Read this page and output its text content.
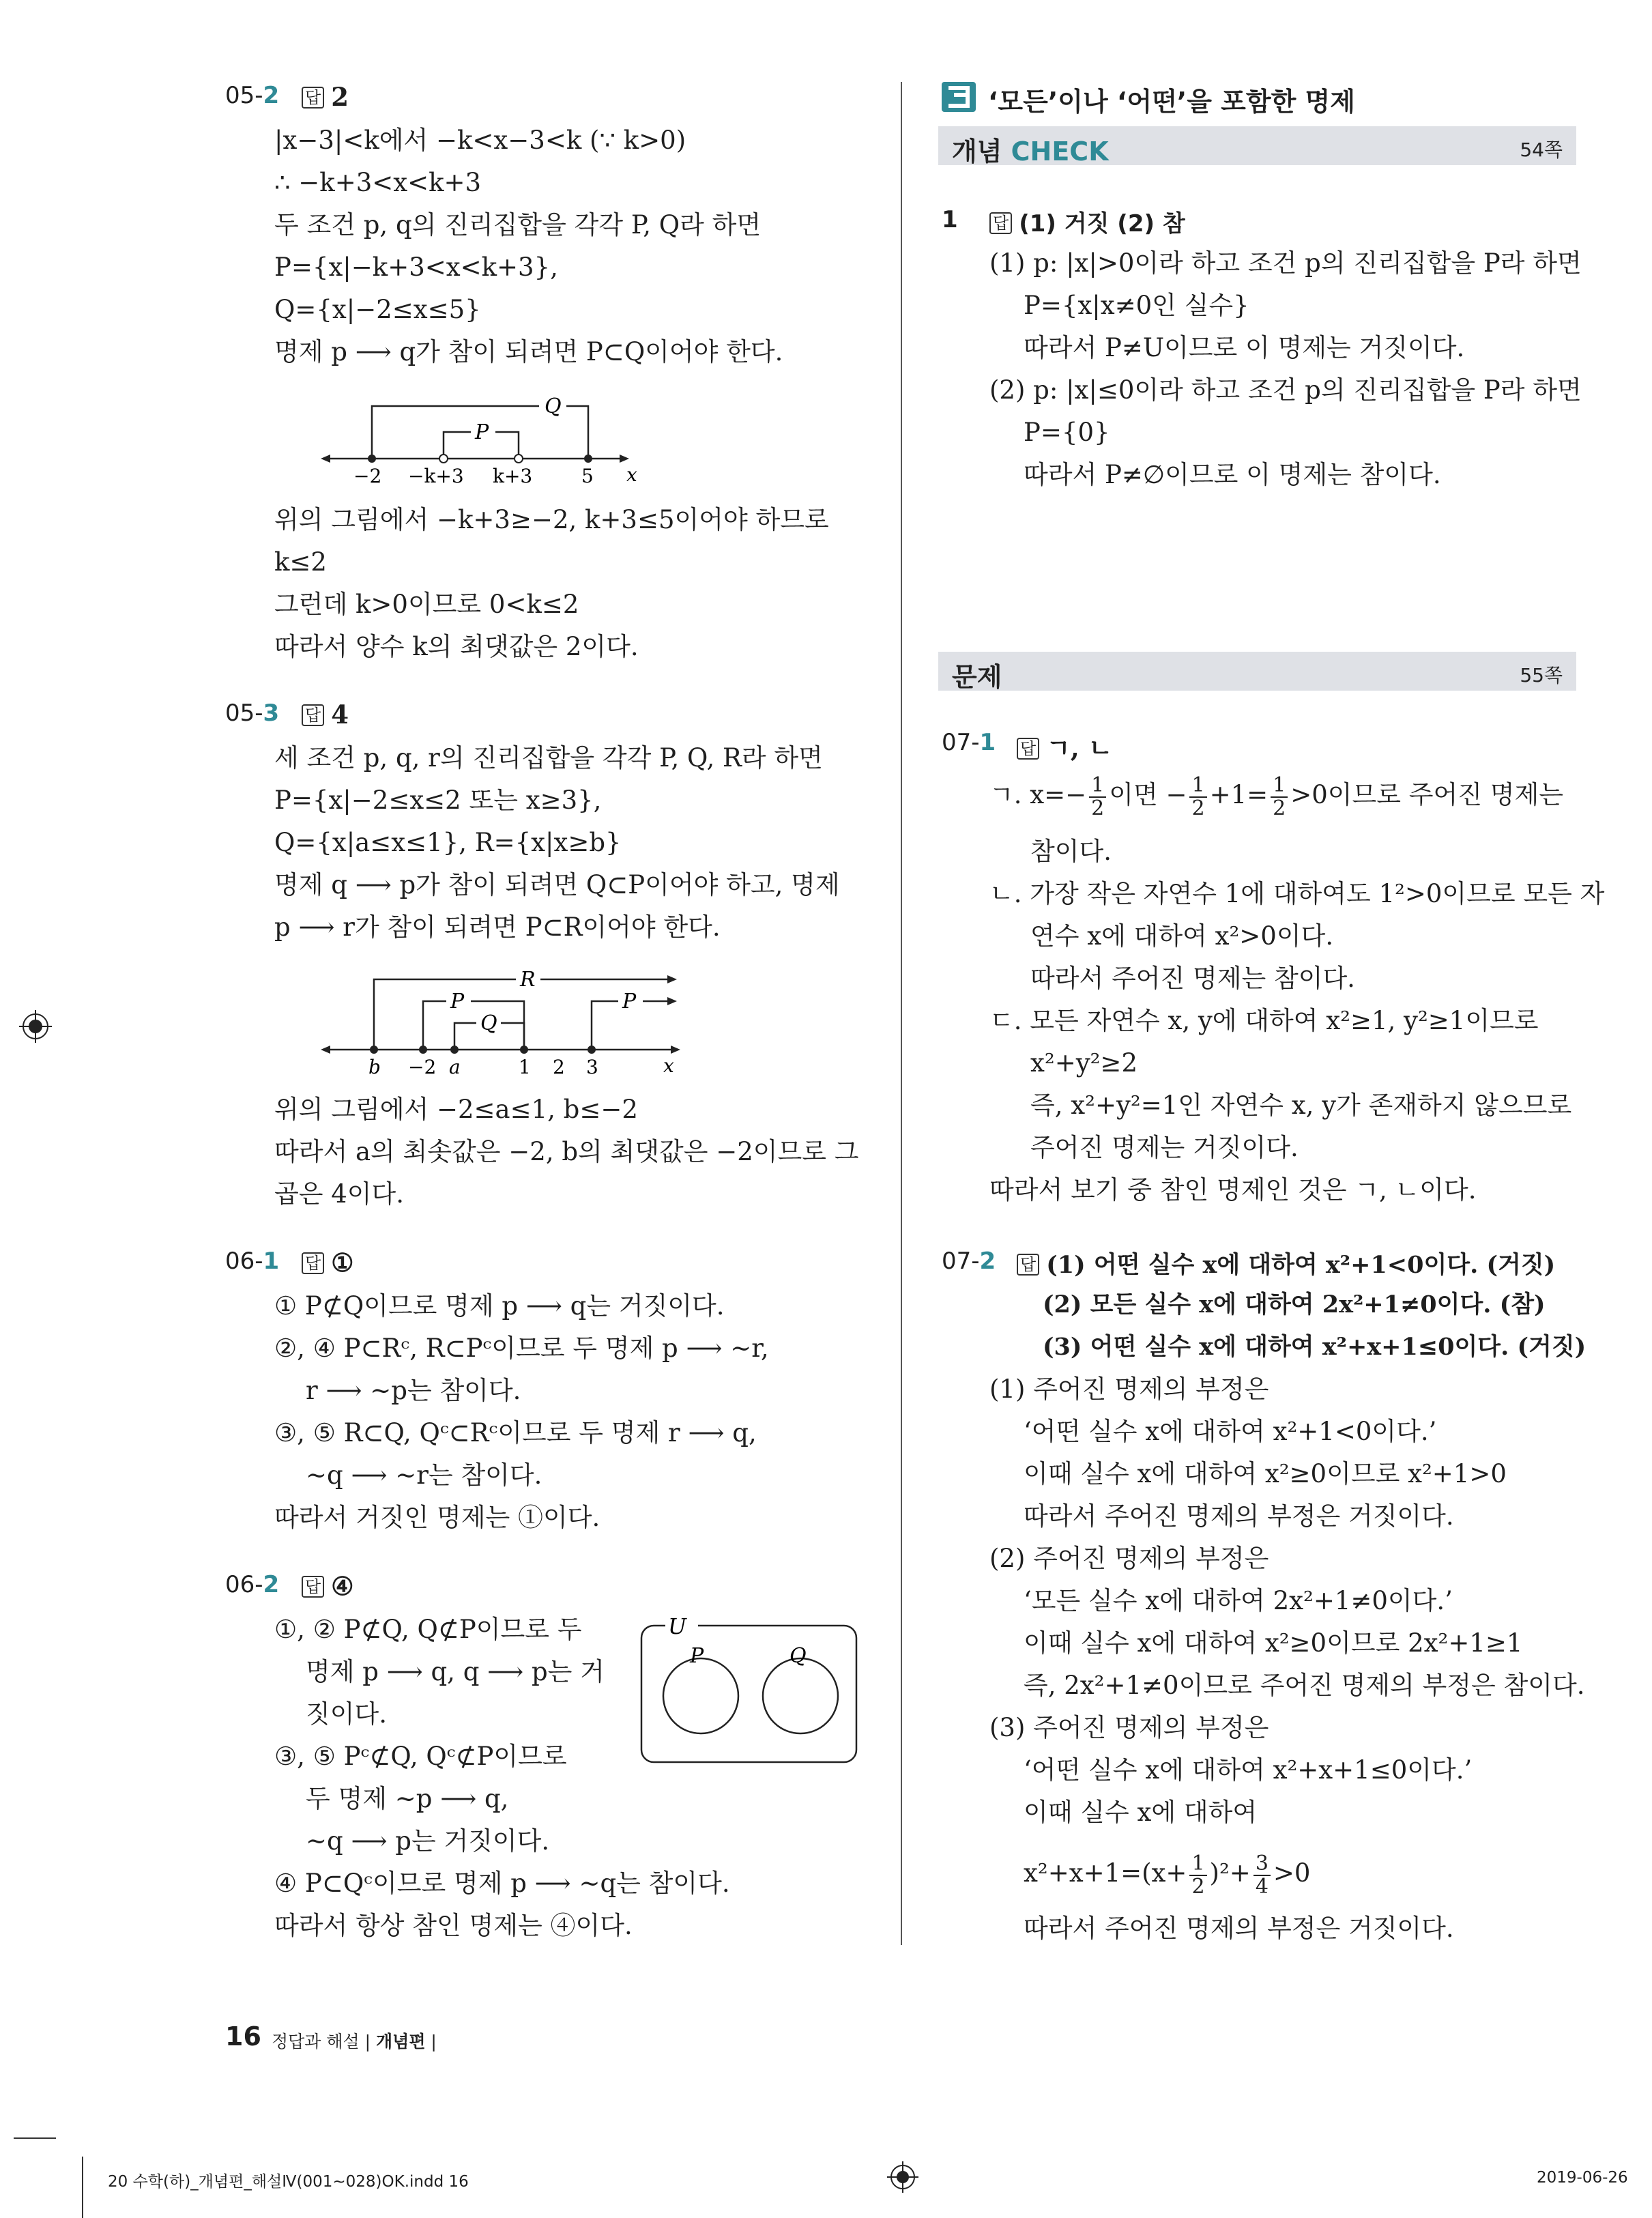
05-2 답 2
|x−3|<k에서 −k<x−3<k (∵ k>0)
∴ −k+3<x<k+3
두 조건 p, q의 진리집합을 각각 P, Q라 하면
P={x|−k+3<x<k+3},
Q={x|−2≤x≤5}
명제 p ⟶ q가 참이 되려면 P⊂Q이어야 한다.
Q
P
−2 −k+3 k+3	5 x
위의 그림에서 −k+3≥−2, k+3≤5이어야 하므로
k≤2
그런데 k>0이므로 0<k≤2
따라서 양수 k의 최댓값은 2이다.
05-3 답 4
세 조건 p, q, r의 진리집합을 각각 P, Q, R라 하면
P={x|−2≤x≤2 또는 x≥3},
Q={x|a≤x≤1}, R={x|x≥b}
명제 q ⟶ p가 참이 되려면 Q⊂P이어야 하고, 명제
p ⟶ r가 참이 되려면 P⊂R이어야 한다.
R
P	P
Q
b −2 a	1 2 3	x
위의 그림에서 −2≤a≤1, b≤−2
따라서 a의 최솟값은 −2, b의 최댓값은 −2이므로 그
곱은 4이다.
06-1 답 ①
① P⊄Q이므로 명제 p ⟶ q는 거짓이다.
②, ④ P⊂Rᶜ, R⊂Pᶜ이므로 두 명제 p ⟶ ~r,
r ⟶ ~p는 참이다.
③, ⑤ R⊂Q, Qᶜ⊂Rᶜ이므로 두 명제 r ⟶ q,
~q ⟶ ~r는 참이다.
따라서 거짓인 명제는 ①이다.
06-2 답 ④
①, ② P⊄Q, Q⊄P이므로 두
명제 p ⟶ q, q ⟶ p는 거
짓이다.
③, ⑤ Pᶜ⊄Q, Qᶜ⊄P이므로
두 명제 ~p ⟶ q,
~q ⟶ p는 거짓이다.
④ P⊂Qᶜ이므로 명제 p ⟶ ~q는 참이다.
따라서 항상 참인 명제는 ④이다.
U
P	Q
‘모든’이나 ‘어떤’을 포함한 명제
개념 CHECK	54쪽
1 답 (1) 거짓 (2) 참
(1) p: |x|>0이라 하고 조건 p의 진리집합을 P라 하면
P={x|x≠0인 실수}
따라서 P≠U이므로 이 명제는 거짓이다.
(2) p: |x|≤0이라 하고 조건 p의 진리집합을 P라 하면
P={0}
따라서 P≠∅이므로 이 명제는 참이다.
문제	55쪽
07-1 답 ㄱ, ㄴ
ㄱ. $x=- \frac{1}{2}$ 이면 − $\frac{1}{2} +1= \frac{1}{2} >0$이므로 주어진 명제는
참이다.
ㄴ. 가장 작은 자연수 1에 대하여도 1²>0이므로 모든 자
연수 x에 대하여 x²>0이다.
따라서 주어진 명제는 참이다.
ㄷ. 모든 자연수 x, y에 대하여 x²≥1, y²≥1이므로
x²+y²≥2
즉, x²+y²=1인 자연수 x, y가 존재하지 않으므로
주어진 명제는 거짓이다.
따라서 보기 중 참인 명제인 것은 ㄱ, ㄴ이다.
07-2 답 (1) 어떤 실수 x에 대하여 x²+1<0이다. (거짓)
(2) 모든 실수 x에 대하여 2x²+1≠0이다. (참)
(3) 어떤 실수 x에 대하여 x²+x+1≤0이다. (거짓)
(1) 주어진 명제의 부정은
‘어떤 실수 x에 대하여 x²+1<0이다.’
이때 실수 x에 대하여 x²≥0이므로 x²+1>0
따라서 주어진 명제의 부정은 거짓이다.
(2) 주어진 명제의 부정은
‘모든 실수 x에 대하여 2x²+1≠0이다.’
이때 실수 x에 대하여 x²≥0이므로 2x²+1≥1
즉, 2x²+1≠0이므로 주어진 명제의 부정은 참이다.
(3) 주어진 명제의 부정은
‘어떤 실수 x에 대하여 x²+x+1≤0이다.’
이때 실수 x에 대하여
$x^2+x+1=(x+ \frac{1}{2} )^2+ \frac{3}{4} >0$
따라서 주어진 명제의 부정은 거짓이다.
16 정답과 해설 | 개념편 |
20 수학(하)_개념편_해설Ⅳ(001~028)OK.indd 16	2019-06-26
